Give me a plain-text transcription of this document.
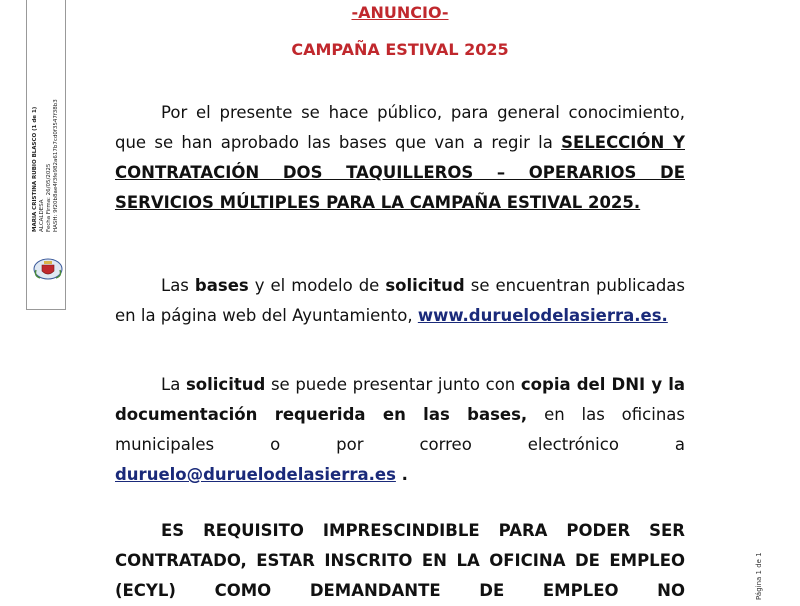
MARIA CRISTINA RUBIO BLASCO (1 de 1) ALCALDESA Fecha Firma: 26/05/2025 HASH: 9f20b8ae4f3fe982a617b7cd0f3547f38b3
Página 1 de 1
-ANUNCIO-
CAMPAÑA ESTIVAL 2025

Por el presente se hace público, para general conocimiento, que se han aprobado las bases que van a regir la SELECCIÓN Y CONTRATACIÓN DOS TAQUILLEROS – OPERARIOS DE SERVICIOS MÚLTIPLES PARA LA CAMPAÑA ESTIVAL 2025.

Las bases y el modelo de solicitud se encuentran publicadas en la página web del Ayuntamiento, www.duruelodelasierra.es.

La solicitud se puede presentar junto con copia del DNI y la documentación requerida en las bases, en las oficinas municipales o por correo electrónico a duruelo@duruelodelasierra.es .

ES REQUISITO IMPRESCINDIBLE PARA PODER SER CONTRATADO, ESTAR INSCRITO EN LA OFICINA DE EMPLEO (ECYL) COMO DEMANDANTE DE EMPLEO NO
